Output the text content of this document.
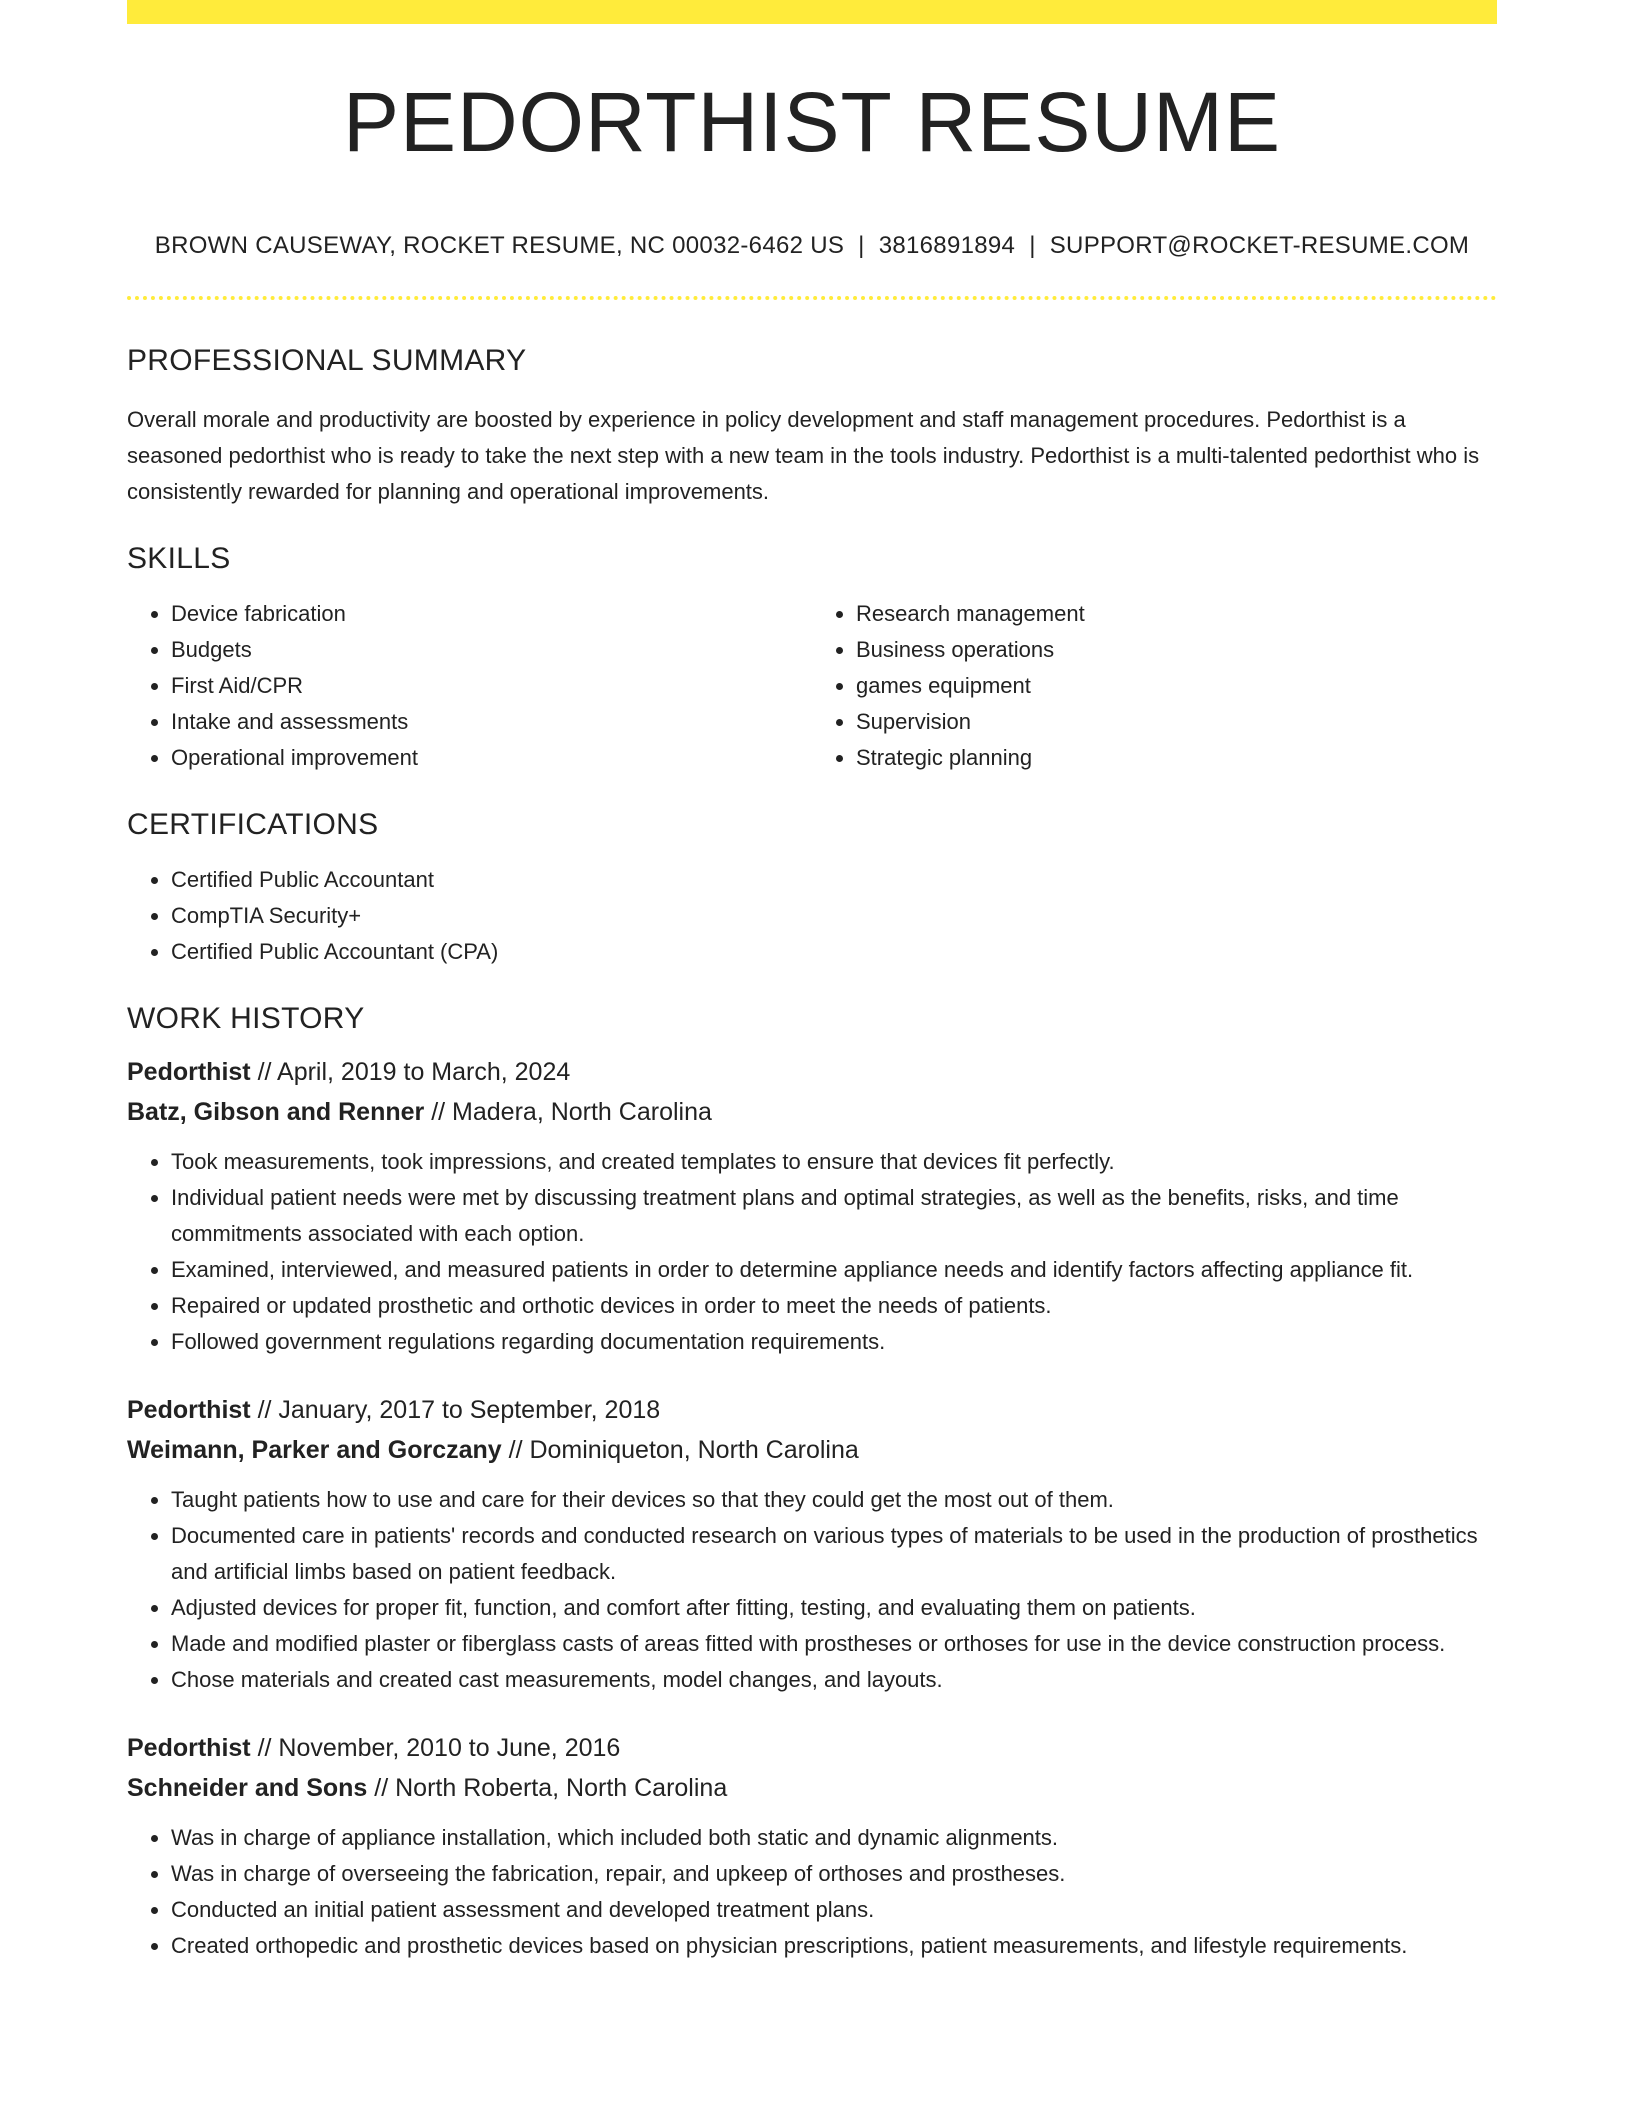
PEDORTHIST RESUME
BROWN CAUSEWAY, ROCKET RESUME, NC 00032-6462 US | 3816891894 | SUPPORT@ROCKET-RESUME.COM
PROFESSIONAL SUMMARY
Overall morale and productivity are boosted by experience in policy development and staff management procedures. Pedorthist is a seasoned pedorthist who is ready to take the next step with a new team in the tools industry. Pedorthist is a multi-talented pedorthist who is consistently rewarded for planning and operational improvements.
SKILLS
• Device fabrication
• Budgets
• First Aid/CPR
• Intake and assessments
• Operational improvement
• Research management
• Business operations
• games equipment
• Supervision
• Strategic planning
CERTIFICATIONS
• Certified Public Accountant
• CompTIA Security+
• Certified Public Accountant (CPA)
WORK HISTORY
Pedorthist // April, 2019 to March, 2024
Batz, Gibson and Renner // Madera, North Carolina
• Took measurements, took impressions, and created templates to ensure that devices fit perfectly.
• Individual patient needs were met by discussing treatment plans and optimal strategies, as well as the benefits, risks, and time commitments associated with each option.
• Examined, interviewed, and measured patients in order to determine appliance needs and identify factors affecting appliance fit.
• Repaired or updated prosthetic and orthotic devices in order to meet the needs of patients.
• Followed government regulations regarding documentation requirements.
Pedorthist // January, 2017 to September, 2018
Weimann, Parker and Gorczany // Dominiqueton, North Carolina
• Taught patients how to use and care for their devices so that they could get the most out of them.
• Documented care in patients' records and conducted research on various types of materials to be used in the production of prosthetics and artificial limbs based on patient feedback.
• Adjusted devices for proper fit, function, and comfort after fitting, testing, and evaluating them on patients.
• Made and modified plaster or fiberglass casts of areas fitted with prostheses or orthoses for use in the device construction process.
• Chose materials and created cast measurements, model changes, and layouts.
Pedorthist // November, 2010 to June, 2016
Schneider and Sons // North Roberta, North Carolina
• Was in charge of appliance installation, which included both static and dynamic alignments.
• Was in charge of overseeing the fabrication, repair, and upkeep of orthoses and prostheses.
• Conducted an initial patient assessment and developed treatment plans.
• Created orthopedic and prosthetic devices based on physician prescriptions, patient measurements, and lifestyle requirements.
